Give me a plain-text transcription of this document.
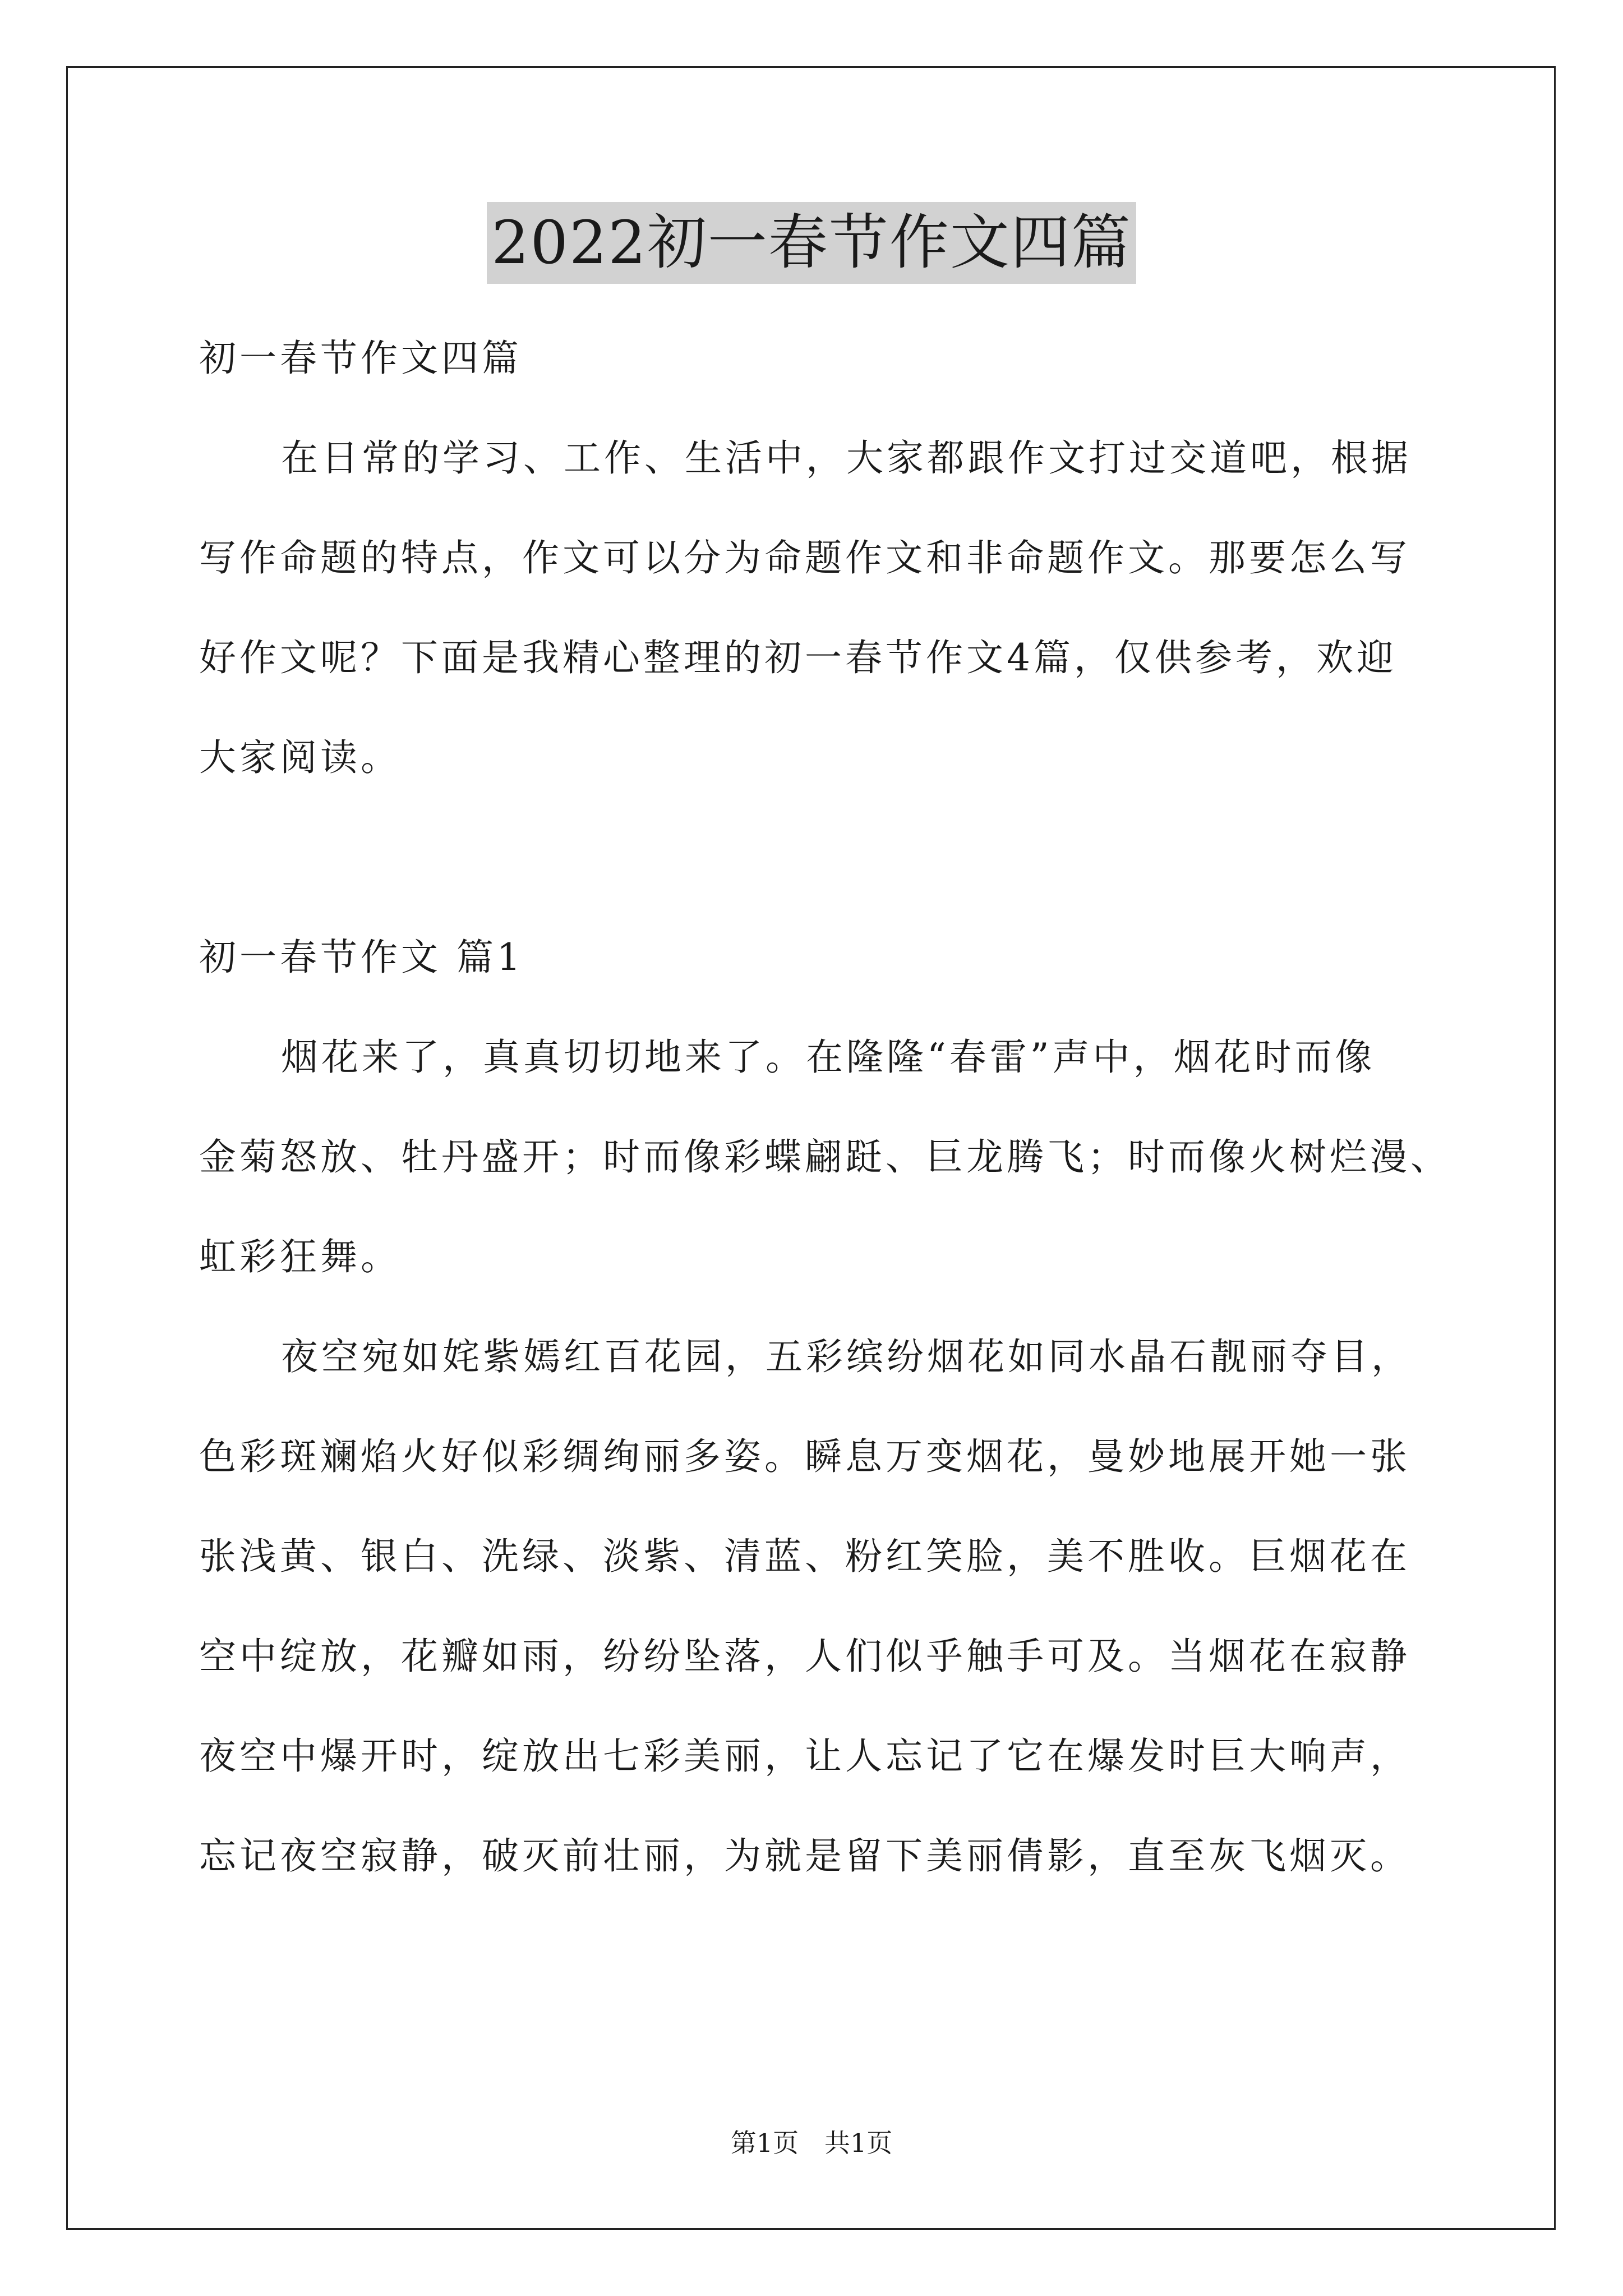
2022初一春节作文四篇
初一春节作文四篇
在日常的学习、工作、生活中，大家都跟作文打过交道吧，根据
写作命题的特点，作文可以分为命题作文和非命题作文。那要怎么写
好作文呢？下面是我精心整理的初一春节作文4篇，仅供参考，欢迎
大家阅读。
初一春节作文 篇1
烟花来了，真真切切地来了。在隆隆“春雷”声中，烟花时而像
金菊怒放、牡丹盛开；时而像彩蝶翩跹、巨龙腾飞；时而像火树烂漫、
虹彩狂舞。
夜空宛如姹紫嫣红百花园，五彩缤纷烟花如同水晶石靓丽夺目，
色彩斑斓焰火好似彩绸绚丽多姿。瞬息万变烟花，曼妙地展开她一张
张浅黄、银白、洗绿、淡紫、清蓝、粉红笑脸，美不胜收。巨烟花在
空中绽放，花瓣如雨，纷纷坠落，人们似乎触手可及。当烟花在寂静
夜空中爆开时，绽放出七彩美丽，让人忘记了它在爆发时巨大响声，
忘记夜空寂静，破灭前壮丽，为就是留下美丽倩影，直至灰飞烟灭。
第1页　共1页
